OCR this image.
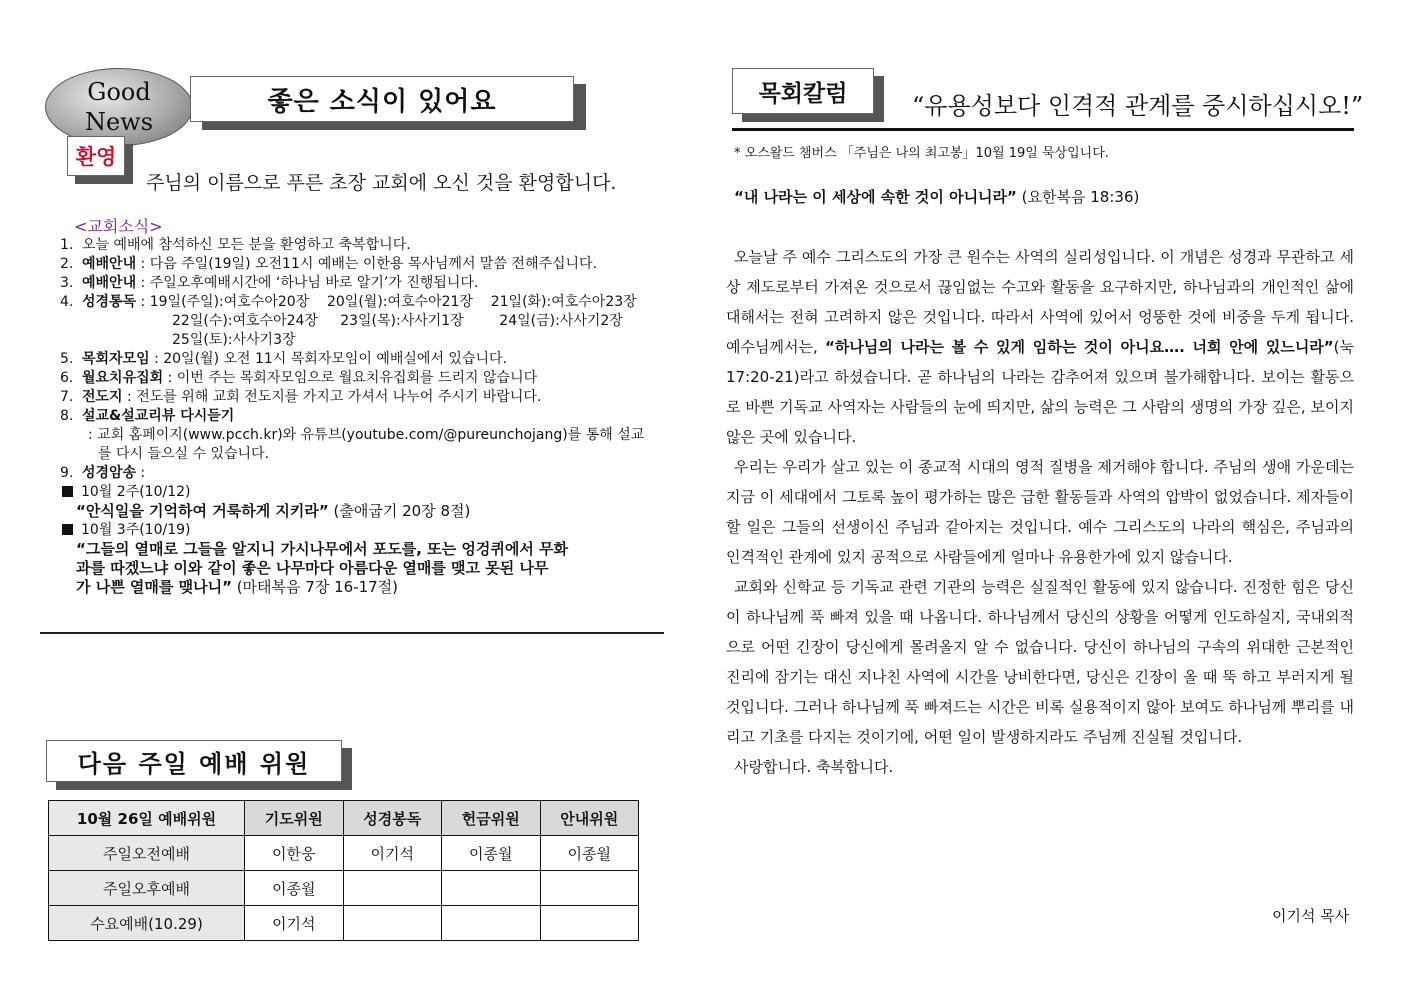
Good
News
좋은 소식이 있어요
환영
주님의 이름으로 푸른 초장 교회에 오신 것을 환영합니다.
<교회소식>
1. 오늘 예배에 참석하신 모든 분을 환영하고 축복합니다.
2. 예배안내 : 다음 주일(19일) 오전11시 예배는 이한용 목사님께서 말씀 전해주십니다.
3. 예배안내 : 주일오후예배시간에 ‘하나님 바로 알기’가 진행됩니다.
4. 성경통독 : 19일(주일):여호수아20장    20일(월):여호수아21장    21일(화):여호수아23장
22일(수):여호수아24장     23일(목):사사기1장        24일(금):사사기2장
25일(토):사사기3장
5. 목회자모임 : 20일(월) 오전 11시 목회자모임이 예배실에서 있습니다.
6. 월요치유집회 : 이번 주는 목회자모임으로 월요치유집회를 드리지 않습니다
7. 전도지 : 전도를 위해 교회 전도지를 가지고 가셔서 나누어 주시기 바랍니다.
8. 설교&설교리뷰 다시듣기
: 교회 홈페이지(www.pcch.kr)와 유튜브(youtube.com/@pureunchojang)를 통해 설교
를 다시 들으실 수 있습니다.
9. 성경암송 :
10월 2주(10/12)
“안식일을 기억하여 거룩하게 지키라” (출애굽기 20장 8절)
10월 3주(10/19)
“그들의 열매로 그들을 알지니 가시나무에서 포도를, 또는 엉겅퀴에서 무화
과를 따겠느냐 이와 같이 좋은 나무마다 아름다운 열매를 맺고 못된 나무
가 나쁜 열매를 맺나니” (마태복음 7장 16-17절)
다음 주일 예배 위원
10월 26일 예배위원	기도위원	성경봉독	헌금위원	안내위원
주일오전예배	이한웅	이기석	이종월	이종월
주일오후예배	이종월			
수요예배(10.29)	이기석			
목회칼럼	“유용성보다 인격적 관계를 중시하십시오!”
* 오스왈드 챔버스 「주님은 나의 최고봉」10월 19일 묵상입니다.
“내 나라는 이 세상에 속한 것이 아니니라” (요한복음 18:36)

오늘날 주 예수 그리스도의 가장 큰 원수는 사역의 실리성입니다. 이 개념은 성경과 무관하고 세상 제도로부터 가져온 것으로서 끊임없는 수고와 활동을 요구하지만, 하나님과의 개인적인 삶에 대해서는 전혀 고려하지 않은 것입니다. 따라서 사역에 있어서 엉뚱한 것에 비중을 두게 됩니다. 예수님께서는, “하나님의 나라는 볼 수 있게 임하는 것이 아니요…. 너희 안에 있느니라”(눅17:20-21)라고 하셨습니다. 곧 하나님의 나라는 감추어져 있으며 불가해합니다. 보이는 활동으로 바쁜 기독교 사역자는 사람들의 눈에 띄지만, 삶의 능력은 그 사람의 생명의 가장 깊은, 보이지 않은 곳에 있습니다.

우리는 우리가 살고 있는 이 종교적 시대의 영적 질병을 제거해야 합니다. 주님의 생애 가운데는 지금 이 세대에서 그토록 높이 평가하는 많은 급한 활동들과 사역의 압박이 없었습니다. 제자들이 할 일은 그들의 선생이신 주님과 같아지는 것입니다. 예수 그리스도의 나라의 핵심은, 주님과의 인격적인 관계에 있지 공적으로 사람들에게 얼마나 유용한가에 있지 않습니다.

교회와 신학교 등 기독교 관련 기관의 능력은 실질적인 활동에 있지 않습니다. 진정한 힘은 당신이 하나님께 푹 빠져 있을 때 나옵니다. 하나님께서 당신의 상황을 어떻게 인도하실지, 국내외적으로 어떤 긴장이 당신에게 몰려올지 알 수 없습니다. 당신이 하나님의 구속의 위대한 근본적인 진리에 잠기는 대신 지나친 사역에 시간을 낭비한다면, 당신은 긴장이 올 때 뚝 하고 부러지게 될 것입니다. 그러나 하나님께 푹 빠져드는 시간은 비록 실용적이지 않아 보여도 하나님께 뿌리를 내리고 기초를 다지는 것이기에, 어떤 일이 발생하지라도 주님께 진실될 것입니다.

사랑합니다. 축복합니다.

이기석 목사
